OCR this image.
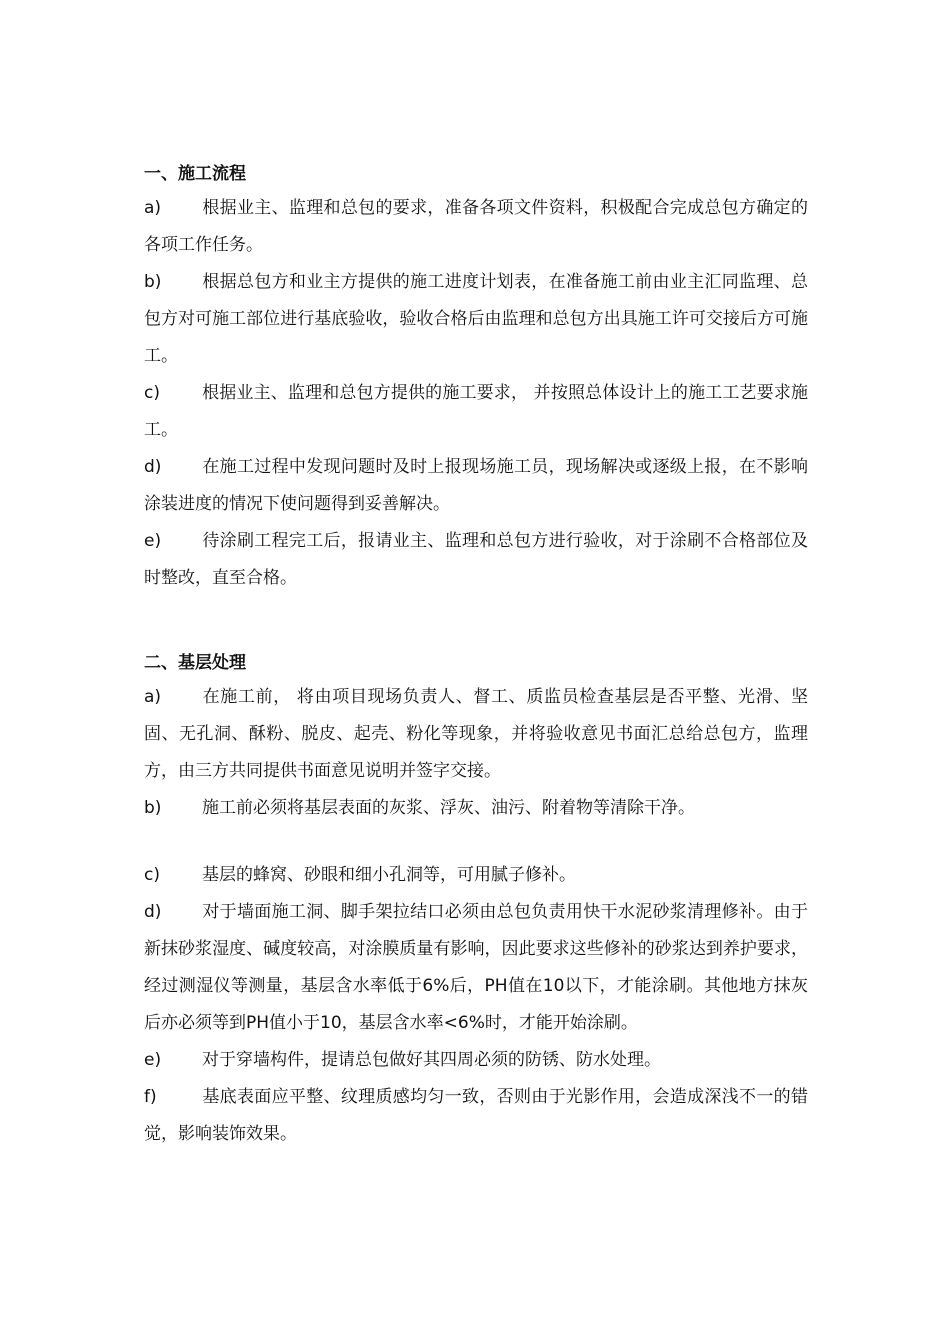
一、施工流程

a) 根据业主、监理和总包的要求，准备各项文件资料，积极配合完成总包方确定的各项工作任务。

b) 根据总包方和业主方提供的施工进度计划表，在准备施工前由业主汇同监理、总包方对可施工部位进行基底验收，验收合格后由监理和总包方出具施工许可交接后方可施工。

c) 根据业主、监理和总包方提供的施工要求， 并按照总体设计上的施工工艺要求施工。

d) 在施工过程中发现问题时及时上报现场施工员，现场解决或逐级上报，在不影响涂装进度的情况下使问题得到妥善解决。

e) 待涂刷工程完工后，报请业主、监理和总包方进行验收，对于涂刷不合格部位及时整改，直至合格。

二、基层处理

a) 在施工前， 将由项目现场负责人、督工、质监员检查基层是否平整、光滑、坚固、无孔洞、酥粉、脱皮、起壳、粉化等现象，并将验收意见书面汇总给总包方，监理方，由三方共同提供书面意见说明并签字交接。

b) 施工前必须将基层表面的灰浆、浮灰、油污、附着物等清除干净。

c) 基层的蜂窝、砂眼和细小孔洞等，可用腻子修补。

d) 对于墙面施工洞、脚手架拉结口必须由总包负责用快干水泥砂浆清理修补。由于新抹砂浆湿度、碱度较高，对涂膜质量有影响，因此要求这些修补的砂浆达到养护要求，经过测湿仪等测量，基层含水率低于6%后，PH值在10以下，才能涂刷。其他地方抹灰后亦必须等到PH值小于10，基层含水率<6%时，才能开始涂刷。

e) 对于穿墙构件，提请总包做好其四周必须的防锈、防水处理。

f)	基底表面应平整、纹理质感均匀一致，否则由于光影作用，会造成深浅不一的错觉，影响装饰效果。
